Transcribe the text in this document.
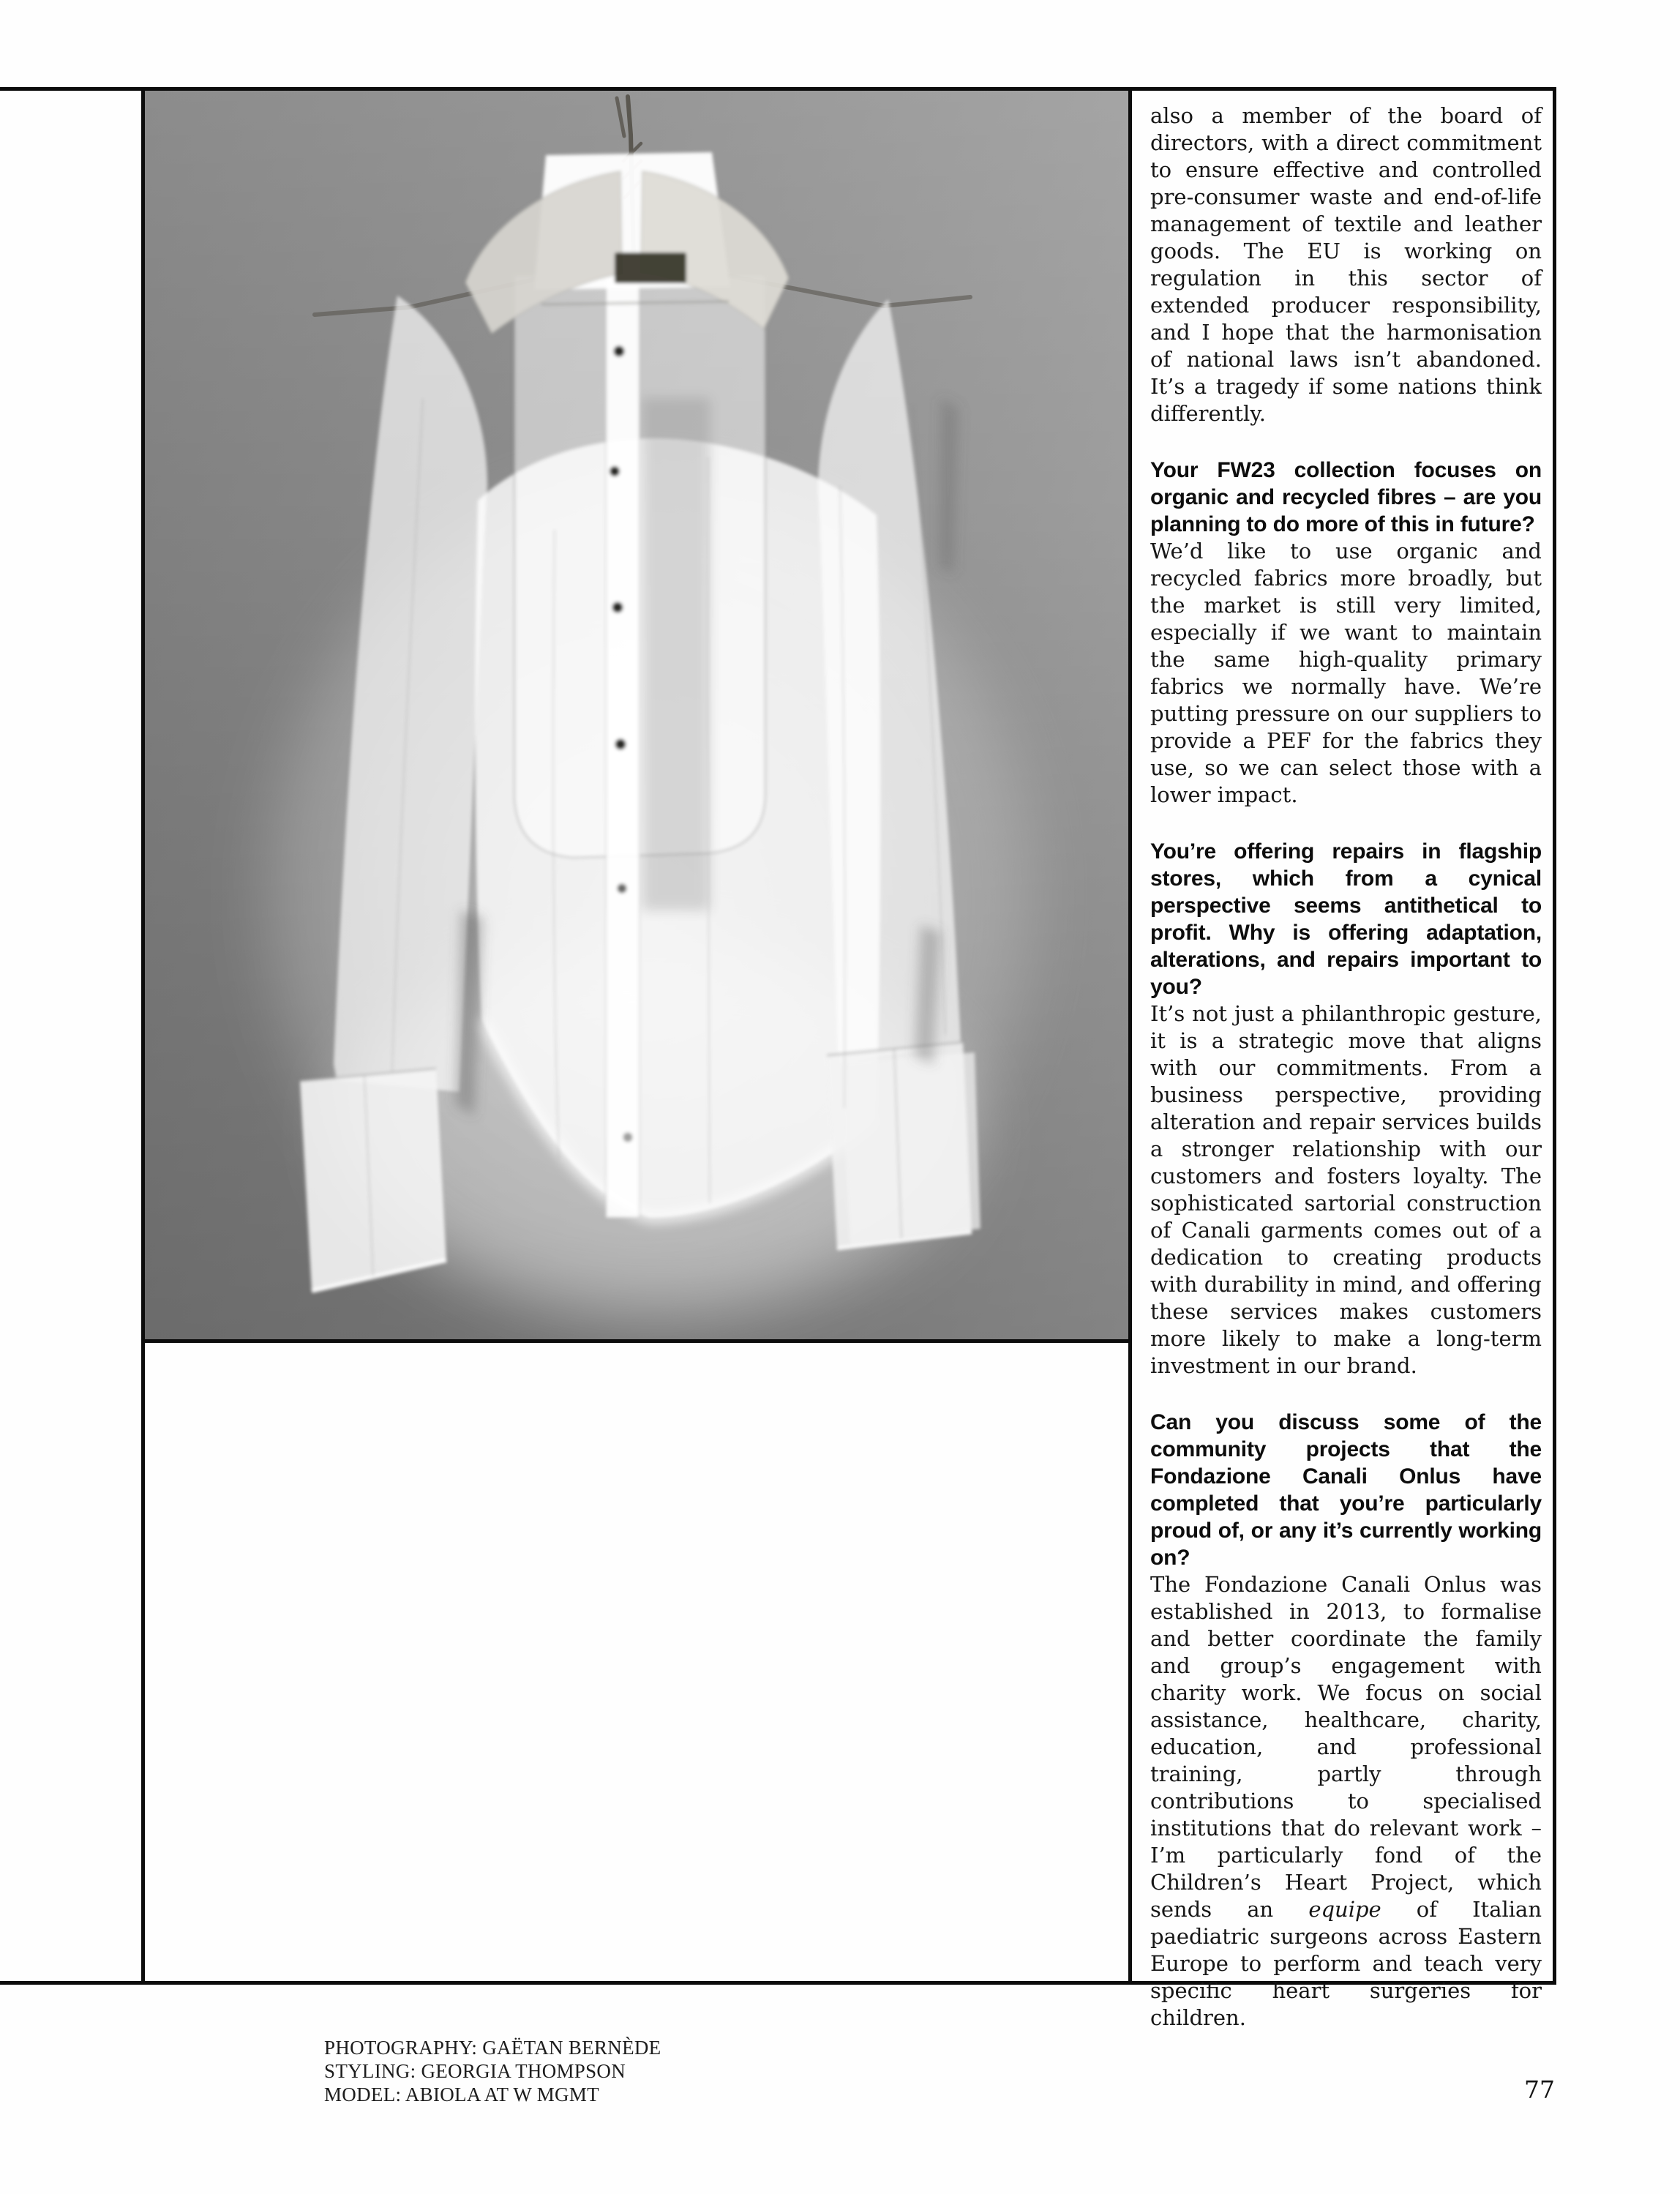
also a member of the board of directors, with a direct commitment to ensure effective and controlled pre-consumer waste and end-of-life management of textile and leather goods. The EU is working on regulation in this sector of extended producer responsibility, and I hope that the harmonisation of national laws isn’t abandoned. It’s a tragedy if some nations think differently.
Your FW23 collection focuses on organic and recycled fibres – are you planning to do more of this in future?
We’d like to use organic and recycled fabrics more broadly, but the market is still very limited, especially if we want to maintain the same high-quality primary fabrics we normally have. We’re putting pressure on our suppliers to provide a PEF for the fabrics they use, so we can select those with a lower impact.
You’re offering repairs in flagship stores, which from a cynical perspective seems antithetical to profit. Why is offering adaptation, alterations, and repairs important to you?
It’s not just a philanthropic gesture, it is a strategic move that aligns with our commitments. From a business perspective, providing alteration and repair services builds a stronger relationship with our customers and fosters loyalty. The sophisticated sartorial construction of Canali garments comes out of a dedication to creating products with durability in mind, and offering these services makes customers more likely to make a long-term investment in our brand.
Can you discuss some of the community projects that the Fondazione Canali Onlus have completed that you’re particularly proud of, or any it’s currently working on?
The Fondazione Canali Onlus was established in 2013, to formalise and better coordinate the family and group’s engagement with charity work. We focus on social assistance, healthcare, charity, education, and professional training, partly through contributions to specialised institutions that do relevant work – I’m particularly fond of the Children’s Heart Project, which sends an equipe of Italian paediatric surgeons across Eastern Europe to perform and teach very specific heart surgeries for children.
PHOTOGRAPHY: GAËTAN BERNÈDE
STYLING: GEORGIA THOMPSON
MODEL: ABIOLA AT W MGMT	77
